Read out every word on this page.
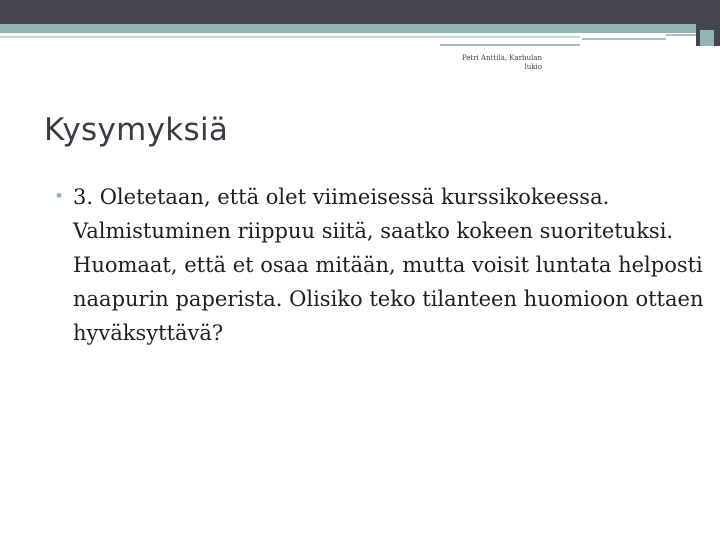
Petri Anttila, Karhulan
lukio
Kysymyksiä
• 3. Oletetaan, että olet viimeisessä kurssikokeessa. Valmistuminen riippuu siitä, saatko kokeen suoritetuksi. Huomaat, että et osaa mitään, mutta voisit luntata helposti naapurin paperista. Olisiko teko tilanteen huomioon ottaen hyväksyttävä?
